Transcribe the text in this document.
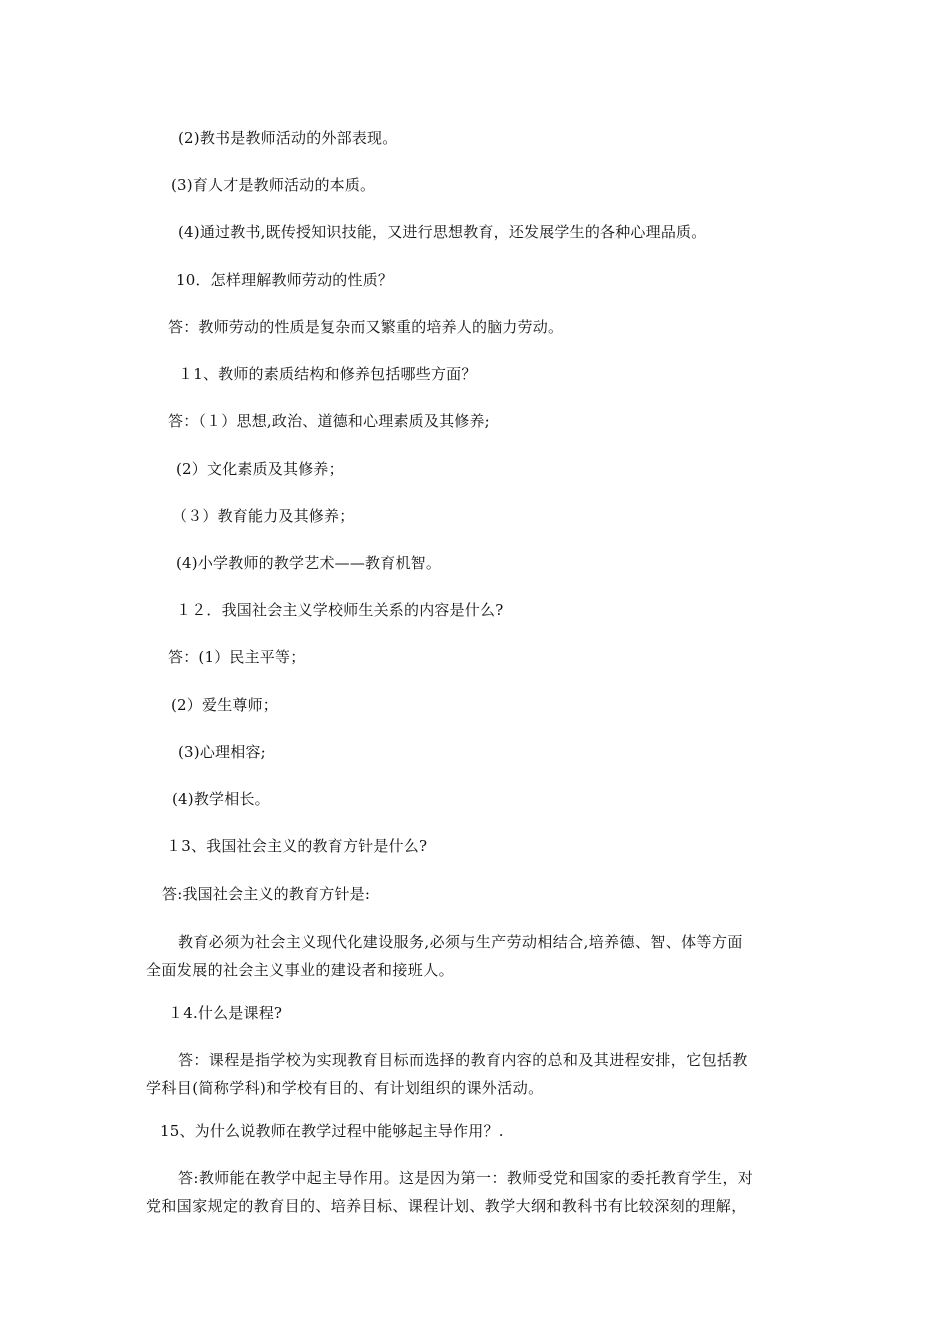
(2)教书是教师活动的外部表现。
(3)育人才是教师活动的本质。
(4)通过教书,既传授知识技能，又进行思想教育，还发展学生的各种心理品质。
10．怎样理解教师劳动的性质？
答：教师劳动的性质是复杂而又繁重的培养人的脑力劳动。
１1、教师的素质结构和修养包括哪些方面？
答：（１）思想,政治、道德和心理素质及其修养;
(2）文化素质及其修养；
（３）教育能力及其修养；
(4)小学教师的教学艺术——教育机智。
１２．我国社会主义学校师生关系的内容是什么?
答：(1）民主平等；
(2）爱生尊师；
(3)心理相容;
(4)教学相长。
１3、我国社会主义的教育方针是什么?
答:我国社会主义的教育方针是:
教育必须为社会主义现代化建设服务,必须与生产劳动相结合,培养德、智、体等方面
全面发展的社会主义事业的建设者和接班人。
１4.什么是课程?
答：课程是指学校为实现教育目标而选择的教育内容的总和及其进程安排，它包括教
学科目(简称学科)和学校有目的、有计划组织的课外活动。
15、为什么说教师在教学过程中能够起主导作用？.
答:教师能在教学中起主导作用。这是因为第一：教师受党和国家的委托教育学生，对
党和国家规定的教育目的、培养目标、课程计划、教学大纲和教科书有比较深刻的理解，
